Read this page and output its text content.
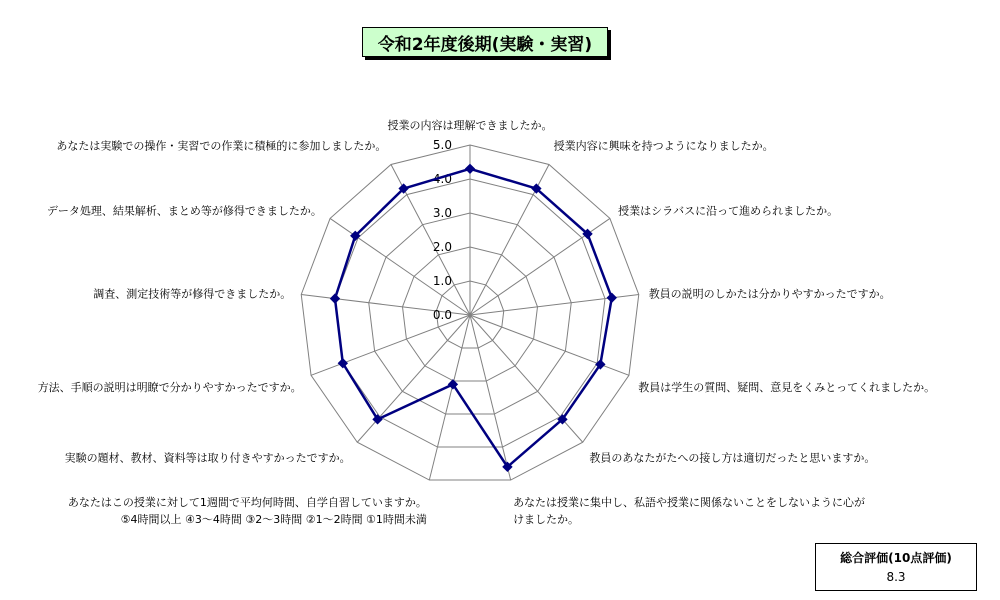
令和2年度後期(実験・実習)
0.0
1.0
2.0
3.0
4.0
5.0
授業の内容は理解できましたか。
授業内容に興味を持つようになりましたか。
授業はシラバスに沿って進められましたか。
教員の説明のしかたは分かりやすかったですか。
教員は学生の質問、疑問、意見をくみとってくれましたか。
教員のあなたがたへの接し方は適切だったと思いますか。
あなたは授業に集中し、私語や授業に関係ないことをしないように心が
けましたか。
あなたはこの授業に対して1週間で平均何時間、自学自習していますか。
⑤4時間以上 ④3～4時間 ③2～3時間 ②1～2時間 ①1時間未満
実験の題材、教材、資料等は取り付きやすかったですか。
方法、手順の説明は明瞭で分かりやすかったですか。
調査、測定技術等が修得できましたか。
データ処理、結果解析、まとめ等が修得できましたか。
あなたは実験での操作・実習での作業に積極的に参加しましたか。
総合評価(10点評価)
8.3
